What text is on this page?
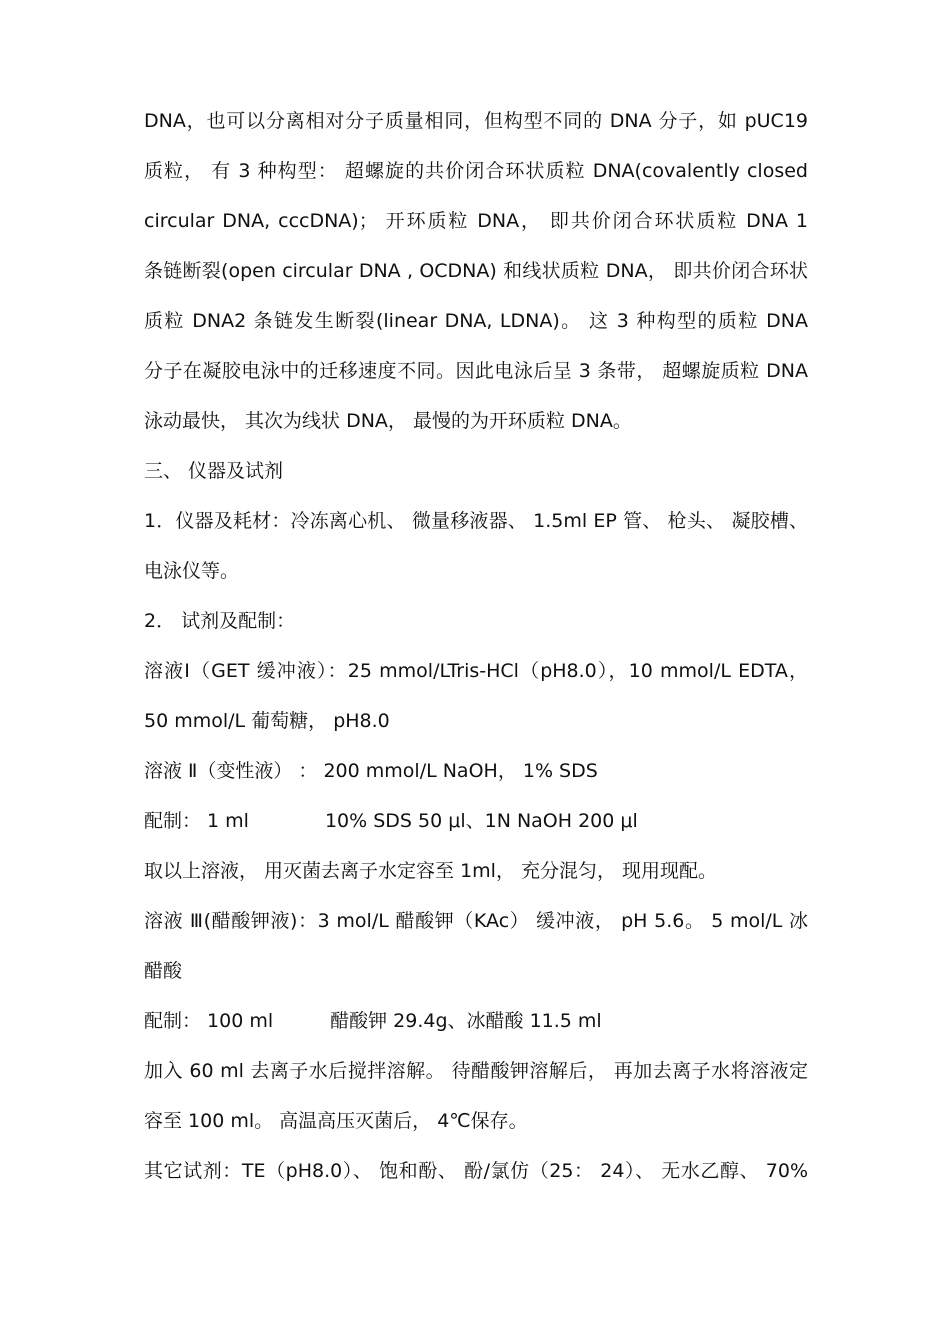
DNA，也可以分离相对分子质量相同，但构型不同的 DNA 分子，如 pUC19
质粒， 有 3 种构型： 超螺旋的共价闭合环状质粒 DNA(covalently closed
circular DNA, cccDNA)； 开环质粒 DNA， 即共价闭合环状质粒 DNA 1
条链断裂(open circular DNA , OCDNA) 和线状质粒 DNA， 即共价闭合环状
质粒 DNA2 条链发生断裂(linear DNA, LDNA)。 这 3 种构型的质粒 DNA
分子在凝胶电泳中的迁移速度不同。因此电泳后呈 3 条带， 超螺旋质粒 DNA
泳动最快， 其次为线状 DNA， 最慢的为开环质粒 DNA。
三、 仪器及试剂
1．仪器及耗材：冷冻离心机、 微量移液器、 1.5ml EP 管、 枪头、 凝胶槽、
电泳仪等。
2． 试剂及配制：
溶液Ⅰ（GET 缓冲液）：25 mmol/LTris-HCl（pH8.0），10 mmol/L EDTA，
50 mmol/L 葡萄糖， pH8.0
溶液 Ⅱ（变性液） ： 200 mmol/L NaOH， 1% SDS
配制： 1 ml　　　　10% SDS 50 μl、1N NaOH 200 μl
取以上溶液， 用灭菌去离子水定容至 1ml， 充分混匀， 现用现配。
溶液 Ⅲ(醋酸钾液)：3 mol/L 醋酸钾（KAc） 缓冲液， pH 5.6。 5 mol/L 冰
醋酸
配制： 100 ml　　　醋酸钾 29.4g、冰醋酸 11.5 ml
加入 60 ml 去离子水后搅拌溶解。 待醋酸钾溶解后， 再加去离子水将溶液定
容至 100 ml。 高温高压灭菌后， 4℃保存。
其它试剂：TE（pH8.0）、 饱和酚、 酚/氯仿（25： 24）、 无水乙醇、 70%
